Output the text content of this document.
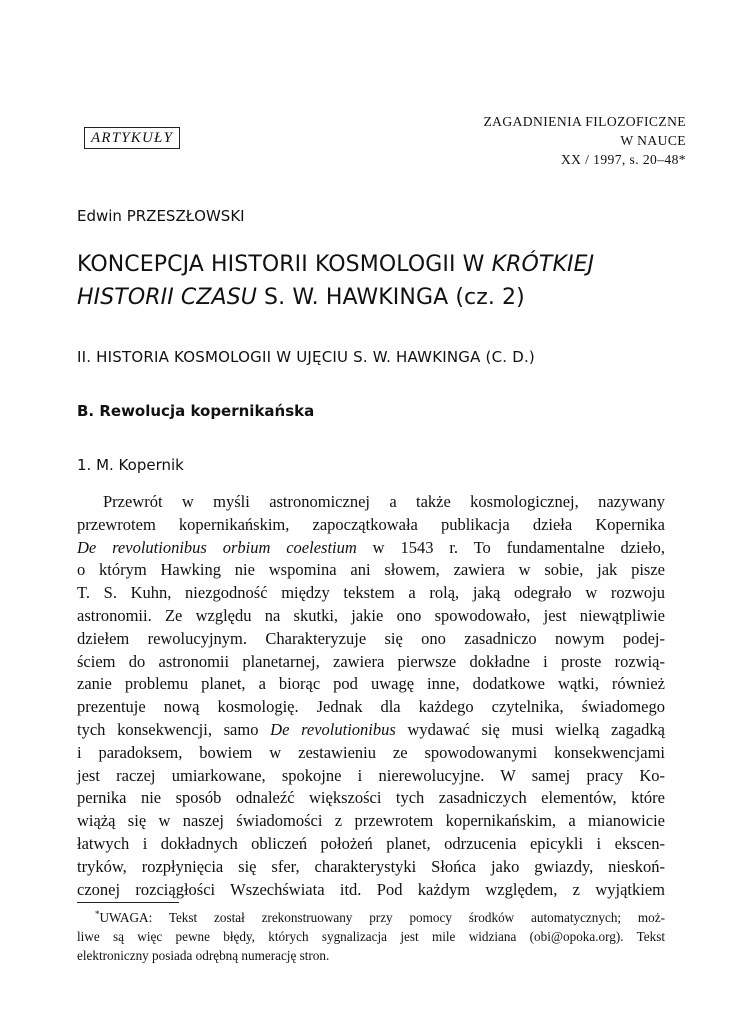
ZAGADNIENIA FILOZOFICZNE
W NAUCE
XX / 1997, s. 20–48*
ARTYKUŁY
Edwin PRZESZŁOWSKI
KONCEPCJA HISTORII KOSMOLOGII W KRÓTKIEJ
HISTORII CZASU S. W. HAWKINGA (cz. 2)
II. HISTORIA KOSMOLOGII W UJĘCIU S. W. HAWKINGA (C. D.)
B. Rewolucja kopernikańska
1. M. Kopernik
Przewrót w myśli astronomicznej a także kosmologicznej, nazywany
przewrotem kopernikańskim, zapoczątkowała publikacja dzieła Kopernika
De revolutionibus orbium coelestium w 1543 r. To fundamentalne dzieło,
o którym Hawking nie wspomina ani słowem, zawiera w sobie, jak pisze
T. S. Kuhn, niezgodność między tekstem a rolą, jaką odegrało w rozwoju
astronomii. Ze względu na skutki, jakie ono spowodowało, jest niewątpliwie
dziełem rewolucyjnym. Charakteryzuje się ono zasadniczo nowym podej-
ściem do astronomii planetarnej, zawiera pierwsze dokładne i proste rozwią-
zanie problemu planet, a biorąc pod uwagę inne, dodatkowe wątki, również
prezentuje nową kosmologię. Jednak dla każdego czytelnika, świadomego
tych konsekwencji, samo De revolutionibus wydawać się musi wielką zagadką
i paradoksem, bowiem w zestawieniu ze spowodowanymi konsekwencjami
jest raczej umiarkowane, spokojne i nierewolucyjne. W samej pracy Ko-
pernika nie sposób odnaleźć większości tych zasadniczych elementów, które
wiążą się w naszej świadomości z przewrotem kopernikańskim, a mianowicie
łatwych i dokładnych obliczeń położeń planet, odrzucenia epicykli i ekscen-
tryków, rozpłynięcia się sfer, charakterystyki Słońca jako gwiazdy, nieskoń-
czonej rozciągłości Wszechświata itd. Pod każdym względem, z wyjątkiem
*UWAGA: Tekst został zrekonstruowany przy pomocy środków automatycznych; moż-
liwe są więc pewne błędy, których sygnalizacja jest mile widziana (obi@opoka.org). Tekst
elektroniczny posiada odrębną numerację stron.
